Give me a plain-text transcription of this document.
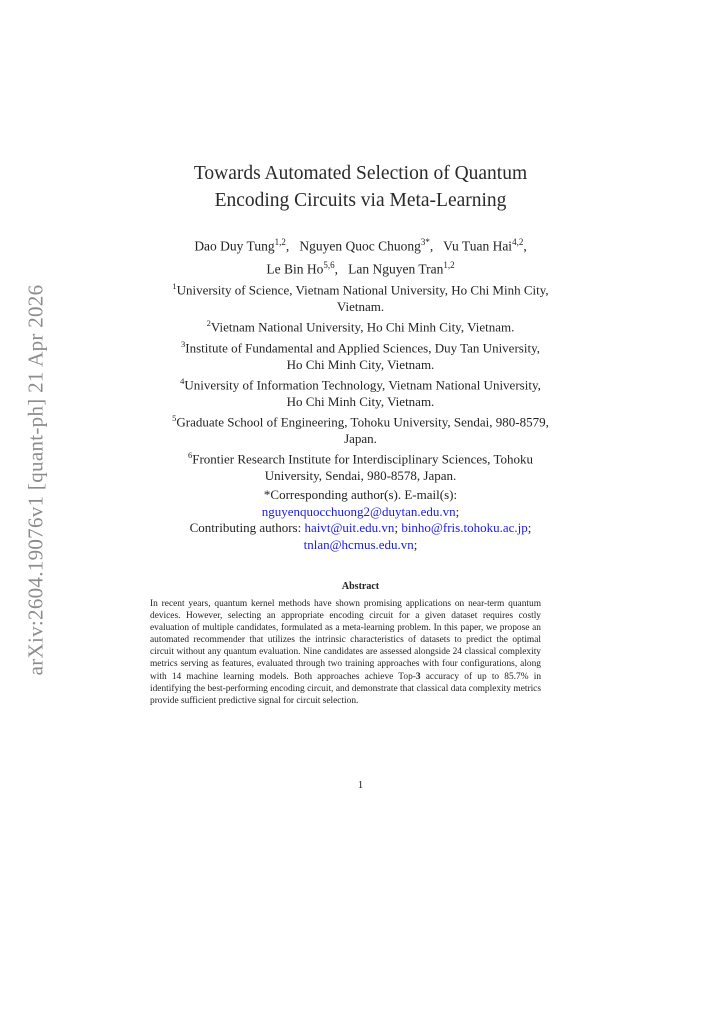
arXiv:2604.19076v1 [quant-ph] 21 Apr 2026
Towards Automated Selection of Quantum
Encoding Circuits via Meta-Learning
Dao Duy Tung$^{1,2}$,   Nguyen Quoc Chuong$^{3*}$,   Vu Tuan Hai$^{4,2}$,
Le Bin Ho$^{5,6}$,   Lan Nguyen Tran$^{1,2}$
$^1$University of Science, Vietnam National University, Ho Chi Minh City,
Vietnam.
$^2$Vietnam National University, Ho Chi Minh City, Vietnam.
$^3$Institute of Fundamental and Applied Sciences, Duy Tan University,
Ho Chi Minh City, Vietnam.
$^4$University of Information Technology, Vietnam National University,
Ho Chi Minh City, Vietnam.
$^5$Graduate School of Engineering, Tohoku University, Sendai, 980-8579,
Japan.
$^6$Frontier Research Institute for Interdisciplinary Sciences, Tohoku
University, Sendai, 980-8578, Japan.
*Corresponding author(s). E-mail(s):
nguyenquocchuong2@duytan.edu.vn;
Contributing authors: haivt@uit.edu.vn; binho@fris.tohoku.ac.jp;
tnlan@hcmus.edu.vn;
Abstract
In recent years, quantum kernel methods have shown promising applications on near-term quantum devices. However, selecting an appropriate encoding circuit for a given dataset requires costly evaluation of multiple candidates, formulated as a meta-learning problem. In this paper, we propose an automated recommender that utilizes the intrinsic characteristics of datasets to predict the optimal circuit without any quantum evaluation. Nine candidates are assessed alongside 24 classical complexity metrics serving as features, evaluated through two training approaches with four configurations, along with 14 machine learning models. Both approaches achieve Top-3 accuracy of up to 85.7% in identifying the best-performing encoding circuit, and demonstrate that classical data complexity metrics provide sufficient predictive signal for circuit selection.
1
